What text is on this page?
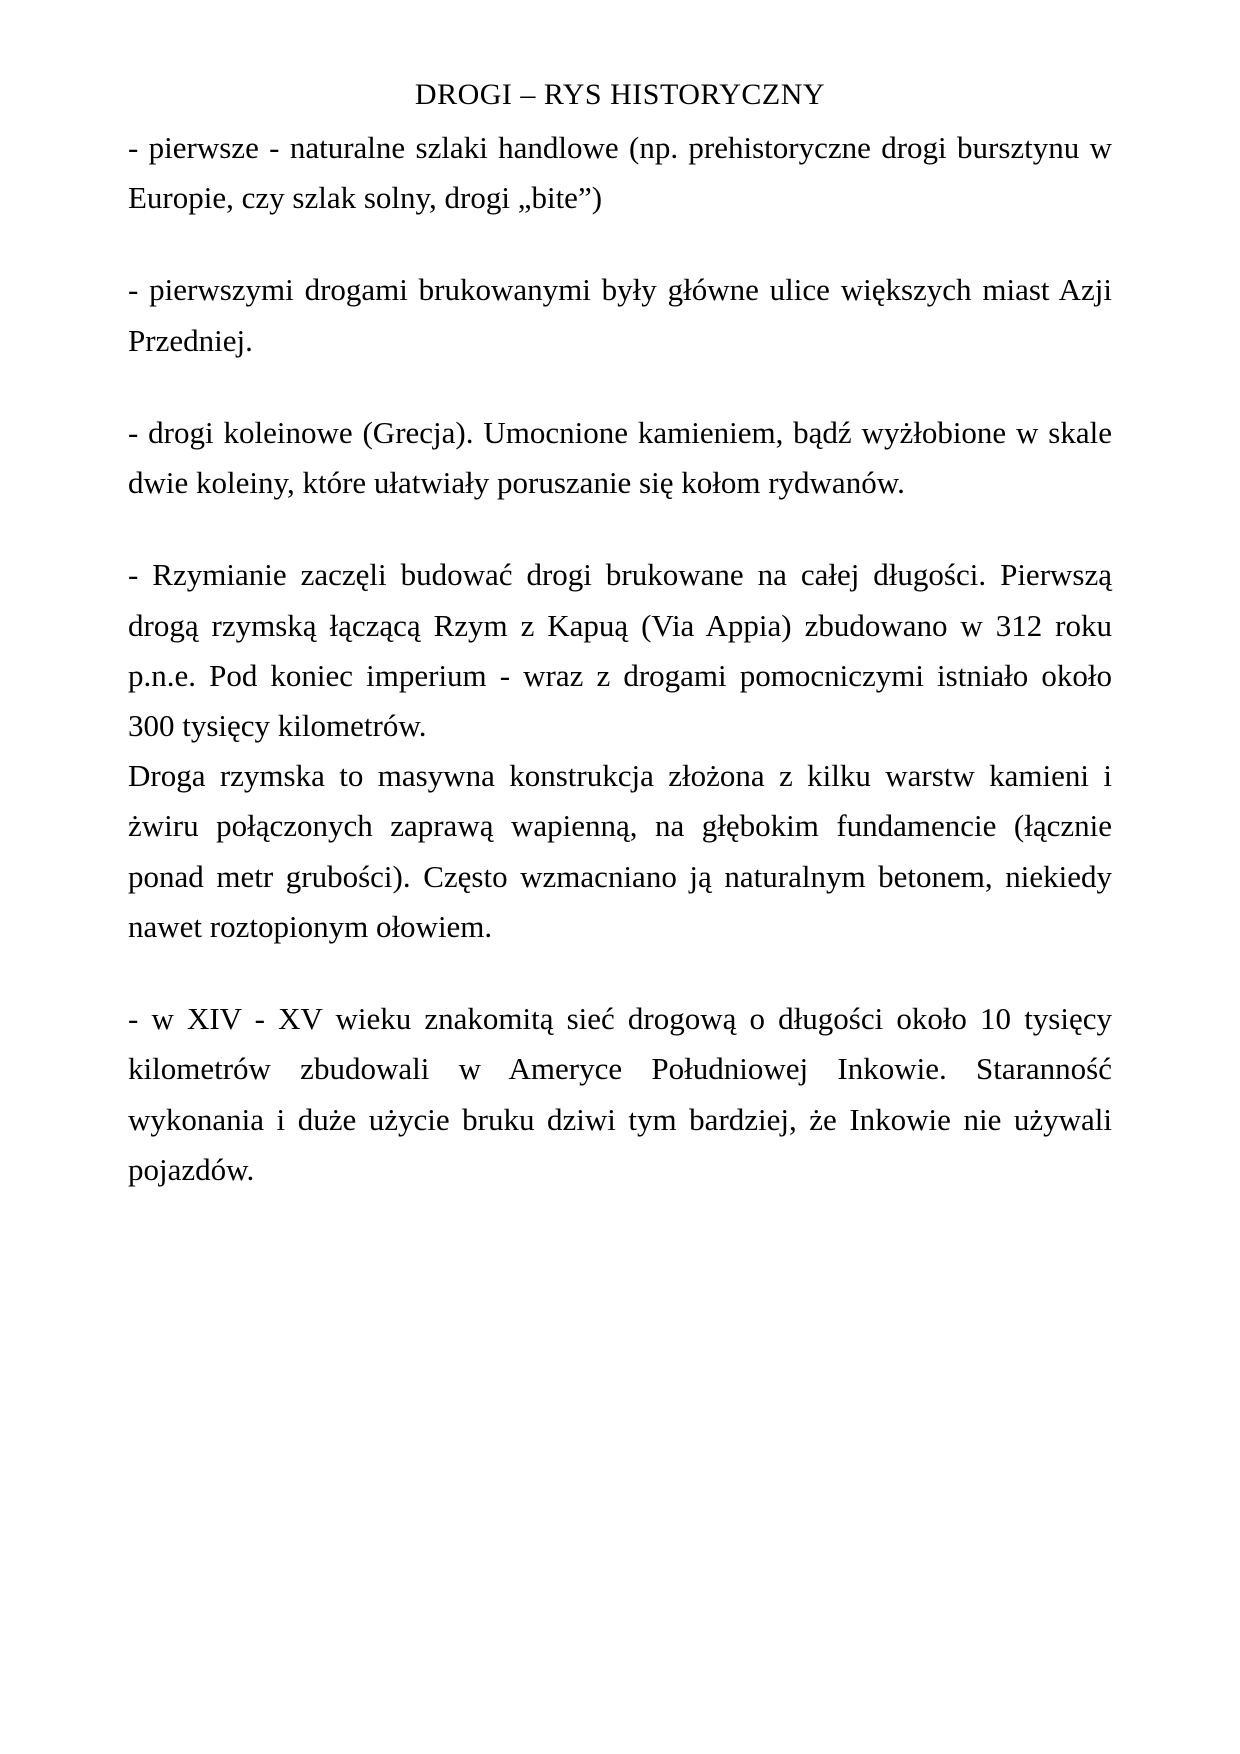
DROGI – RYS HISTORYCZNY

- pierwsze - naturalne szlaki handlowe (np. prehistoryczne drogi bursztynu w Europie, czy szlak solny, drogi „bite”)

- pierwszymi drogami brukowanymi były główne ulice większych miast Azji Przedniej.

- drogi koleinowe (Grecja). Umocnione kamieniem, bądź wyżłobione w skale dwie koleiny, które ułatwiały poruszanie się kołom rydwanów.

- Rzymianie zaczęli budować drogi brukowane na całej długości. Pierwszą drogą rzymską łączącą Rzym z Kapuą (Via Appia) zbudowano w 312 roku p.n.e. Pod koniec imperium - wraz z drogami pomocniczymi istniało około 300 tysięcy kilometrów.

Droga rzymska to masywna konstrukcja złożona z kilku warstw kamieni i żwiru połączonych zaprawą wapienną, na głębokim fundamencie (łącznie ponad metr grubości). Często wzmacniano ją naturalnym betonem, niekiedy nawet roztopionym ołowiem.

- w XIV - XV wieku znakomitą sieć drogową o długości około 10 tysięcy kilometrów zbudowali w Ameryce Południowej Inkowie. Staranność wykonania i duże użycie bruku dziwi tym bardziej, że Inkowie nie używali pojazdów.
